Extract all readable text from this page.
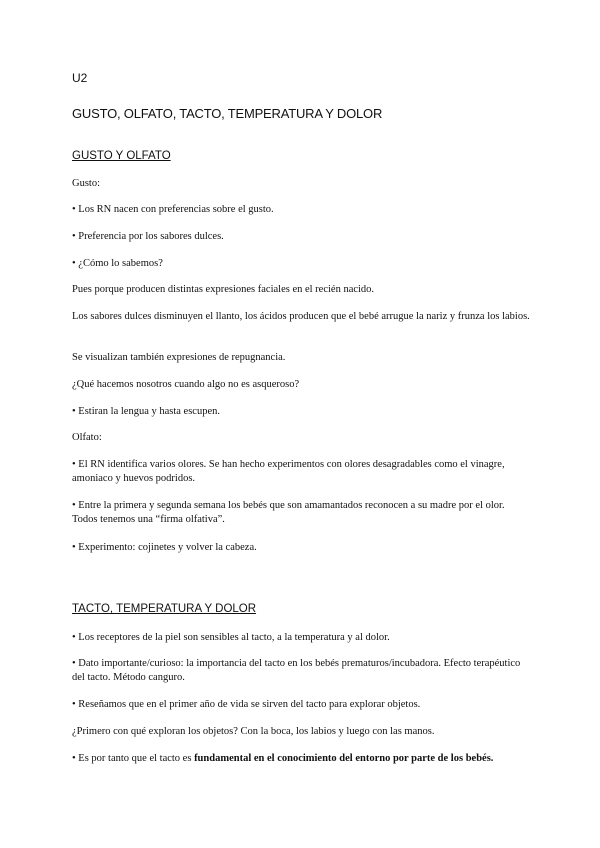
U2
GUSTO, OLFATO, TACTO, TEMPERATURA Y DOLOR
GUSTO Y OLFATO
Gusto:
• Los RN nacen con preferencias sobre el gusto.
• Preferencia por los sabores dulces.
• ¿Cómo lo sabemos?
Pues porque producen distintas expresiones faciales en el recién nacido.
Los sabores dulces disminuyen el llanto, los ácidos producen que el bebé arrugue la nariz y frunza los labios.
Se visualizan también expresiones de repugnancia.
¿Qué hacemos nosotros cuando algo no es asqueroso?
• Estiran la lengua y hasta escupen.
Olfato:
• El RN identifica varios olores. Se han hecho experimentos con olores desagradables como el vinagre, amoniaco y huevos podridos.
• Entre la primera y segunda semana los bebés que son amamantados reconocen a su madre por el olor. Todos tenemos una “firma olfativa”.
• Experimento: cojinetes y volver la cabeza.
TACTO, TEMPERATURA Y DOLOR
• Los receptores de la piel son sensibles al tacto, a la temperatura y al dolor.
• Dato importante/curioso: la importancia del tacto en los bebés prematuros/incubadora. Efecto terapéutico del tacto. Método canguro.
• Reseñamos que en el primer año de vida se sirven del tacto para explorar objetos.
¿Primero con qué exploran los objetos? Con la boca, los labios y luego con las manos.
• Es por tanto que el tacto es fundamental en el conocimiento del entorno por parte de los bebés.
